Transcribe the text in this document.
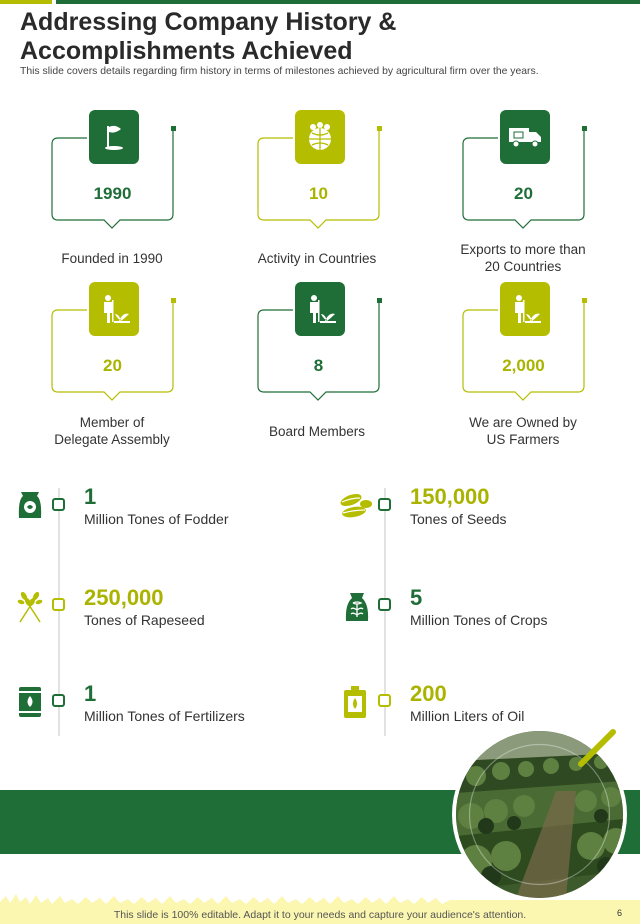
Addressing Company History &
Accomplishments Achieved
This slide covers details regarding firm history in terms of milestones achieved by agricultural firm over the years.
1990
Founded in 1990
10
Activity in Countries
20
Exports to more than
20 Countries
20
Member of
Delegate Assembly
8
Board Members
2,000
We are Owned by
US Farmers
1
Million Tones of Fodder
150,000
Tones of Seeds
250,000
Tones of Rapeseed
5
Million Tones of Crops
1
Million Tones of Fertilizers
200
Million Liters of Oil
This slide is 100% editable. Adapt it to your needs and capture your audience's attention.	6
